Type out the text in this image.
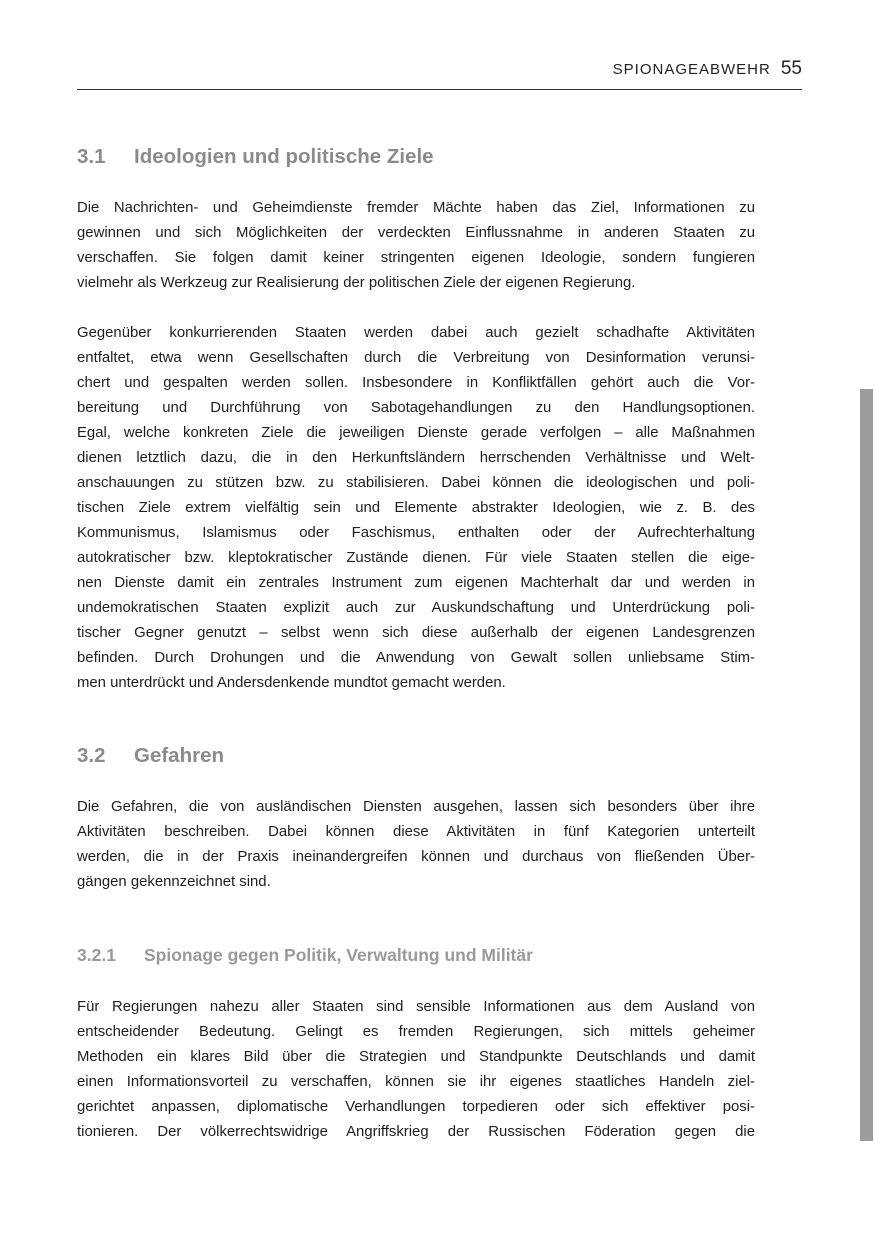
SPIONAGEABWEHR 55
3.1 Ideologien und politische Ziele

Die Nachrichten- und Geheimdienste fremder Mächte haben das Ziel, Informationen zu
gewinnen und sich Möglichkeiten der verdeckten Einflussnahme in anderen Staaten zu
verschaffen. Sie folgen damit keiner stringenten eigenen Ideologie, sondern fungieren
vielmehr als Werkzeug zur Realisierung der politischen Ziele der eigenen Regierung.

Gegenüber konkurrierenden Staaten werden dabei auch gezielt schadhafte Aktivitäten
entfaltet, etwa wenn Gesellschaften durch die Verbreitung von Desinformation verunsi-
chert und gespalten werden sollen. Insbesondere in Konfliktfällen gehört auch die Vor-
bereitung und Durchführung von Sabotagehandlungen zu den Handlungsoptionen.
Egal, welche konkreten Ziele die jeweiligen Dienste gerade verfolgen – alle Maßnahmen
dienen letztlich dazu, die in den Herkunftsländern herrschenden Verhältnisse und Welt-
anschauungen zu stützen bzw. zu stabilisieren. Dabei können die ideologischen und poli-
tischen Ziele extrem vielfältig sein und Elemente abstrakter Ideologien, wie z. B. des
Kommunismus, Islamismus oder Faschismus, enthalten oder der Aufrechterhaltung
autokratischer bzw. kleptokratischer Zustände dienen. Für viele Staaten stellen die eige-
nen Dienste damit ein zentrales Instrument zum eigenen Machterhalt dar und werden in
undemokratischen Staaten explizit auch zur Auskundschaftung und Unterdrückung poli-
tischer Gegner genutzt – selbst wenn sich diese außerhalb der eigenen Landesgrenzen
befinden. Durch Drohungen und die Anwendung von Gewalt sollen unliebsame Stim-
men unterdrückt und Andersdenkende mundtot gemacht werden.

3.2 Gefahren

Die Gefahren, die von ausländischen Diensten ausgehen, lassen sich besonders über ihre
Aktivitäten beschreiben. Dabei können diese Aktivitäten in fünf Kategorien unterteilt
werden, die in der Praxis ineinandergreifen können und durchaus von fließenden Über-
gängen gekennzeichnet sind.

3.2.1 Spionage gegen Politik, Verwaltung und Militär

Für Regierungen nahezu aller Staaten sind sensible Informationen aus dem Ausland von
entscheidender Bedeutung. Gelingt es fremden Regierungen, sich mittels geheimer
Methoden ein klares Bild über die Strategien und Standpunkte Deutschlands und damit
einen Informationsvorteil zu verschaffen, können sie ihr eigenes staatliches Handeln ziel-
gerichtet anpassen, diplomatische Verhandlungen torpedieren oder sich effektiver posi-
tionieren. Der völkerrechtswidrige Angriffskrieg der Russischen Föderation gegen die
